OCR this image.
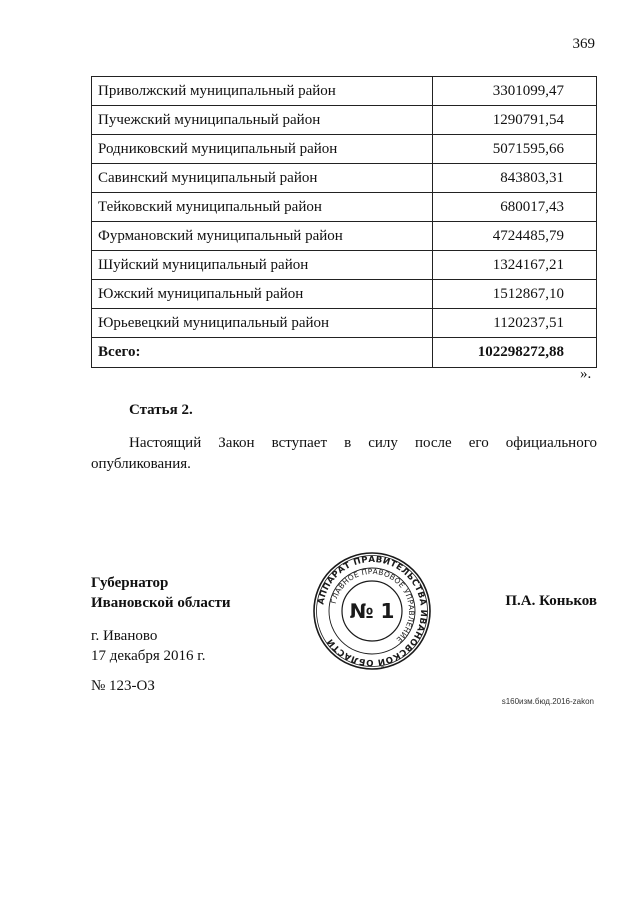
369
Приволжский муниципальный район	3301099,47
Пучежский муниципальный район	1290791,54
Родниковский муниципальный район	5071595,66
Савинский муниципальный район	843803,31
Тейковский муниципальный район	680017,43
Фурмановский муниципальный район	4724485,79
Шуйский муниципальный район	1324167,21
Южский муниципальный район	1512867,10
Юрьевецкий муниципальный район	1120237,51
Всего:	102298272,88
».
Статья 2.
Настоящий Закон вступает в силу после его официального опубликования.
Губернатор
Ивановской области	П.А. Коньков
г. Иваново
17 декабря 2016 г.
№ 123-ОЗ
s160изм.бюд.2016-zakon
АППАРАТ ПРАВИТЕЛЬСТВА ИВАНОВСКОЙ ОБЛАСТИ
ГЛАВНОЕ ПРАВОВОЕ УПРАВЛЕНИЕ
№ 1
